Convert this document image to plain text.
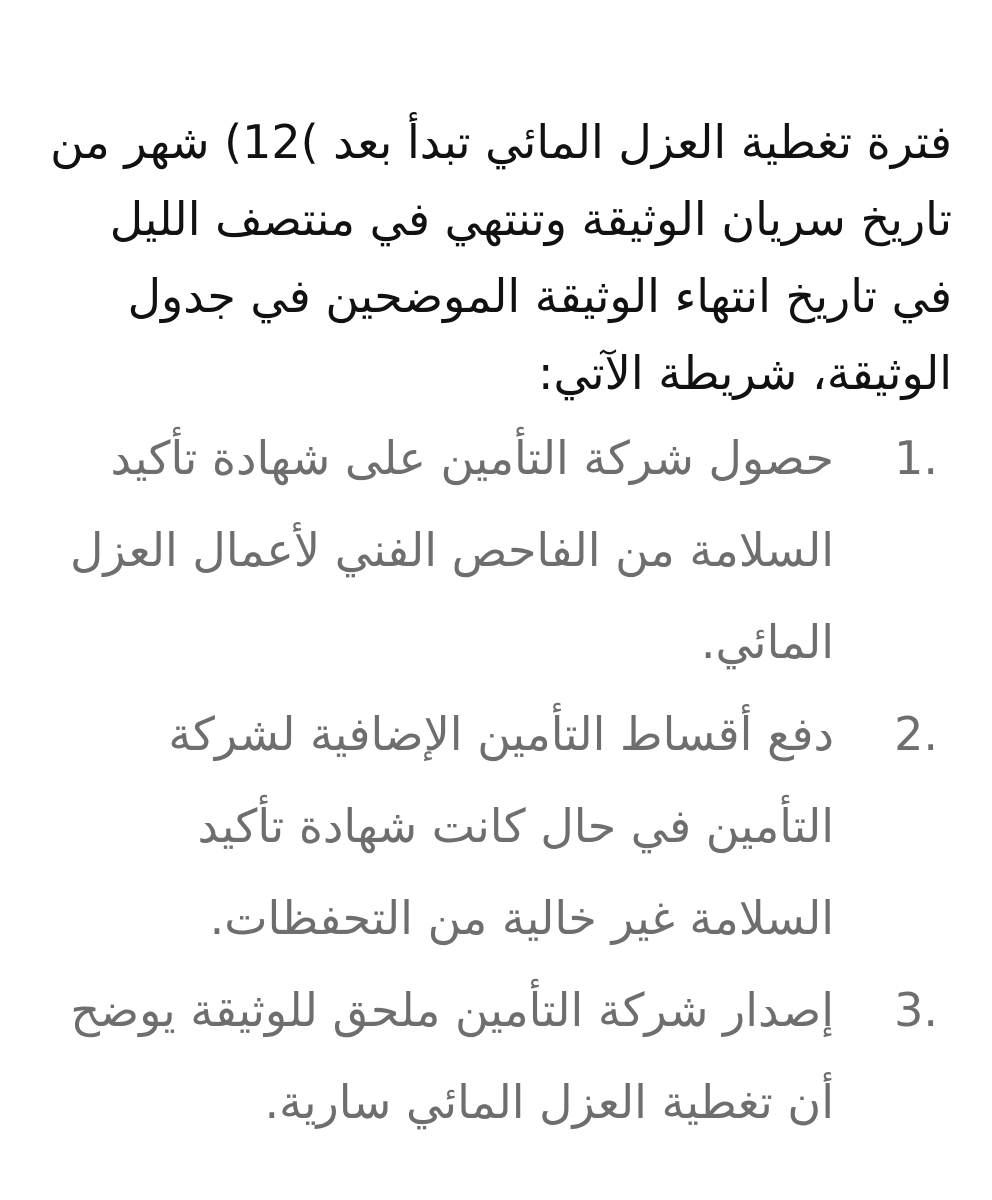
فترة تغطية العزل المائي تبدأ بعد )12) شهر من تاريخ سريان الوثيقة وتنتهي في منتصف الليل في تاريخ انتهاء الوثيقة الموضحين في جدول الوثيقة، شريطة الآتي:

1.
حصول شركة التأمين على شهادة تأكيد السلامة من الفاحص الفني لأعمال العزل المائي.
2.
دفع أقساط التأمين الإضافية لشركة التأمين في حال كانت شهادة تأكيد السلامة غير خالية من التحفظات.
3.
إصدار شركة التأمين ملحق للوثيقة يوضح أن تغطية العزل المائي سارية.
